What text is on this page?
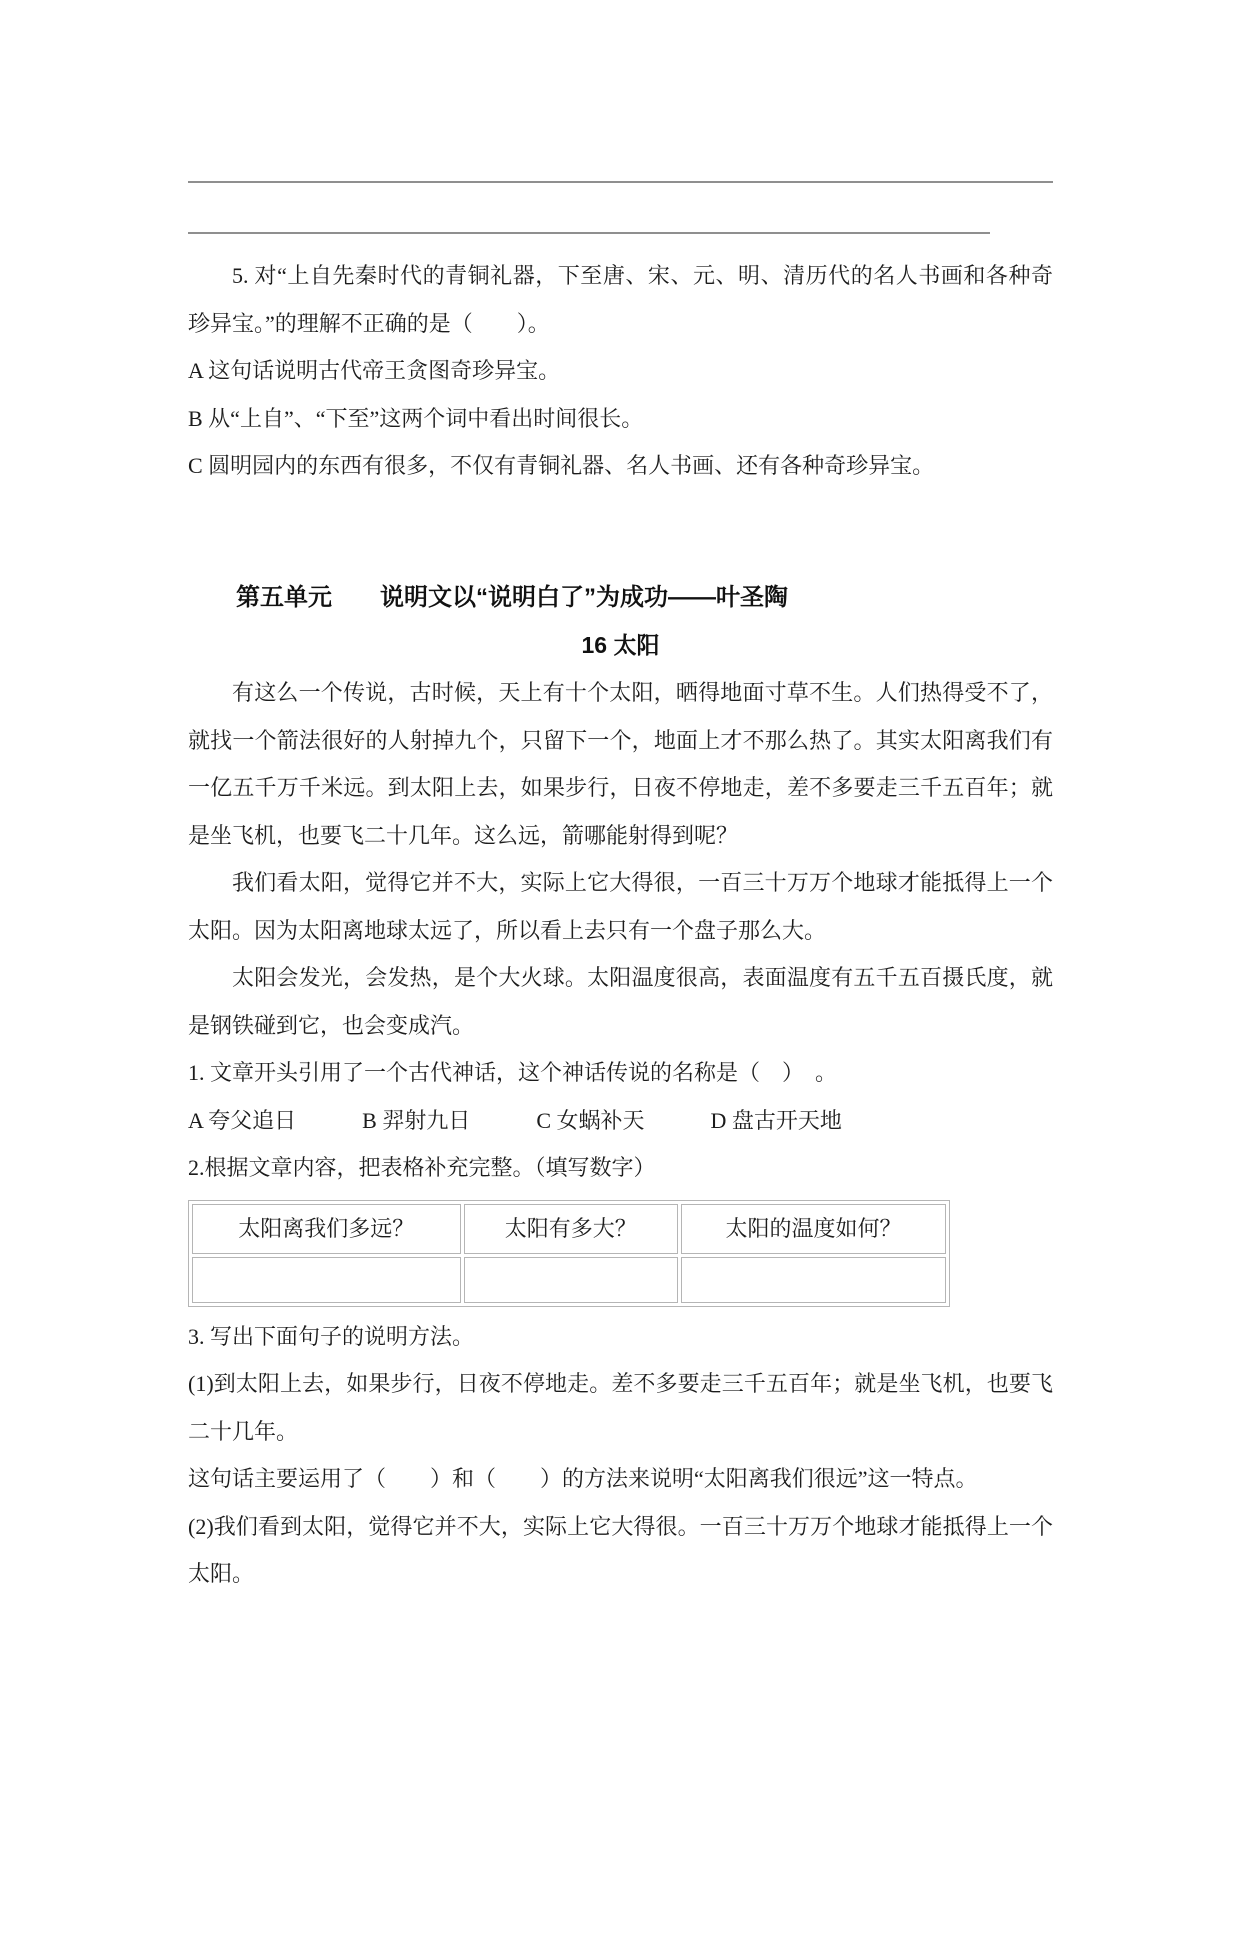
5. 对“上自先秦时代的青铜礼器，下至唐、宋、元、明、清历代的名人书画和各种奇珍异宝。”的理解不正确的是（　　）。

A 这句话说明古代帝王贪图奇珍异宝。

B 从“上自”、“下至”这两个词中看出时间很长。

C 圆明园内的东西有很多，不仅有青铜礼器、名人书画、还有各种奇珍异宝。

第五单元　　说明文以“说明白了”为成功——叶圣陶
16 太阳

有这么一个传说，古时候，天上有十个太阳，晒得地面寸草不生。人们热得受不了，就找一个箭法很好的人射掉九个，只留下一个，地面上才不那么热了。其实太阳离我们有一亿五千万千米远。到太阳上去，如果步行，日夜不停地走，差不多要走三千五百年；就是坐飞机，也要飞二十几年。这么远，箭哪能射得到呢？

我们看太阳，觉得它并不大，实际上它大得很，一百三十万万个地球才能抵得上一个太阳。因为太阳离地球太远了，所以看上去只有一个盘子那么大。

太阳会发光，会发热，是个大火球。太阳温度很高，表面温度有五千五百摄氏度，就是钢铁碰到它，也会变成汽。

1. 文章开头引用了一个古代神话，这个神话传说的名称是（　）　。

A 夸父追日　　　B 羿射九日　　　C 女蜗补天　　　D 盘古开天地

2.根据文章内容，把表格补充完整。（填写数字）

太阳离我们多远？	太阳有多大？	太阳的温度如何？

3. 写出下面句子的说明方法。

(1)到太阳上去，如果步行，日夜不停地走。差不多要走三千五百年；就是坐飞机，也要飞二十几年。

这句话主要运用了（　　）和（　　）的方法来说明“太阳离我们很远”这一特点。

(2)我们看到太阳，觉得它并不大，实际上它大得很。一百三十万万个地球才能抵得上一个太阳。
